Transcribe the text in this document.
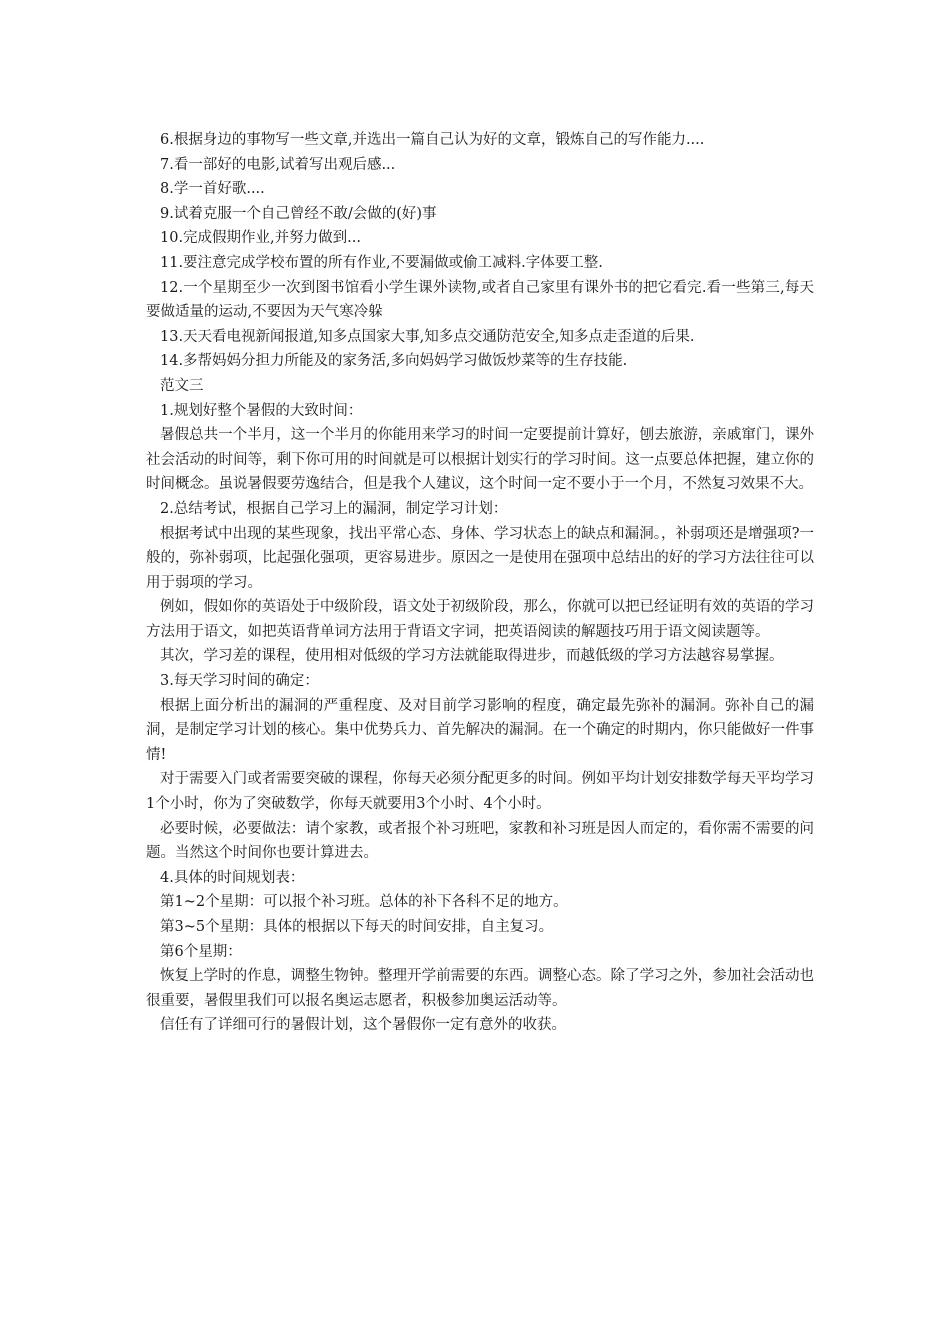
6.根据身边的事物写一些文章,并选出一篇自己认为好的文章，锻炼自己的写作能力....

7.看一部好的电影,试着写出观后感...

8.学一首好歌....

9.试着克服一个自己曾经不敢/会做的(好)事

10.完成假期作业,并努力做到...

11.要注意完成学校布置的所有作业,不要漏做或偷工减料.字体要工整.

12.一个星期至少一次到图书馆看小学生课外读物,或者自己家里有课外书的把它看完.看一些第三,每天要做适量的运动,不要因为天气寒冷躲

13.天天看电视新闻报道,知多点国家大事,知多点交通防范安全,知多点走歪道的后果.

14.多帮妈妈分担力所能及的家务活,多向妈妈学习做饭炒菜等的生存技能.

范文三

1.规划好整个暑假的大致时间：

暑假总共一个半月，这一个半月的你能用来学习的时间一定要提前计算好，刨去旅游，亲戚窜门，课外社会活动的时间等，剩下你可用的时间就是可以根据计划实行的学习时间。这一点要总体把握，建立你的时间概念。虽说暑假要劳逸结合，但是我个人建议，这个时间一定不要小于一个月，不然复习效果不大。

2.总结考试，根据自己学习上的漏洞，制定学习计划：

根据考试中出现的某些现象，找出平常心态、身体、学习状态上的缺点和漏洞。，补弱项还是增强项?一般的，弥补弱项，比起强化强项，更容易进步。原因之一是使用在强项中总结出的好的学习方法往往可以用于弱项的学习。

例如，假如你的英语处于中级阶段，语文处于初级阶段，那么，你就可以把已经证明有效的英语的学习方法用于语文，如把英语背单词方法用于背语文字词，把英语阅读的解题技巧用于语文阅读题等。

其次，学习差的课程，使用相对低级的学习方法就能取得进步，而越低级的学习方法越容易掌握。

3.每天学习时间的确定：

根据上面分析出的漏洞的严重程度、及对目前学习影响的程度，确定最先弥补的漏洞。弥补自己的漏洞，是制定学习计划的核心。集中优势兵力、首先解决的漏洞。在一个确定的时期内，你只能做好一件事情!

对于需要入门或者需要突破的课程，你每天必须分配更多的时间。例如平均计划安排数学每天平均学习1个小时，你为了突破数学，你每天就要用3个小时、4个小时。

必要时候，必要做法：请个家教，或者报个补习班吧，家教和补习班是因人而定的，看你需不需要的问题。当然这个时间你也要计算进去。

4.具体的时间规划表：

第1~2个星期：可以报个补习班。总体的补下各科不足的地方。

第3~5个星期：具体的根据以下每天的时间安排，自主复习。

第6个星期：

恢复上学时的作息，调整生物钟。整理开学前需要的东西。调整心态。除了学习之外，参加社会活动也很重要，暑假里我们可以报名奥运志愿者，积极参加奥运活动等。

信任有了详细可行的暑假计划，这个暑假你一定有意外的收获。
